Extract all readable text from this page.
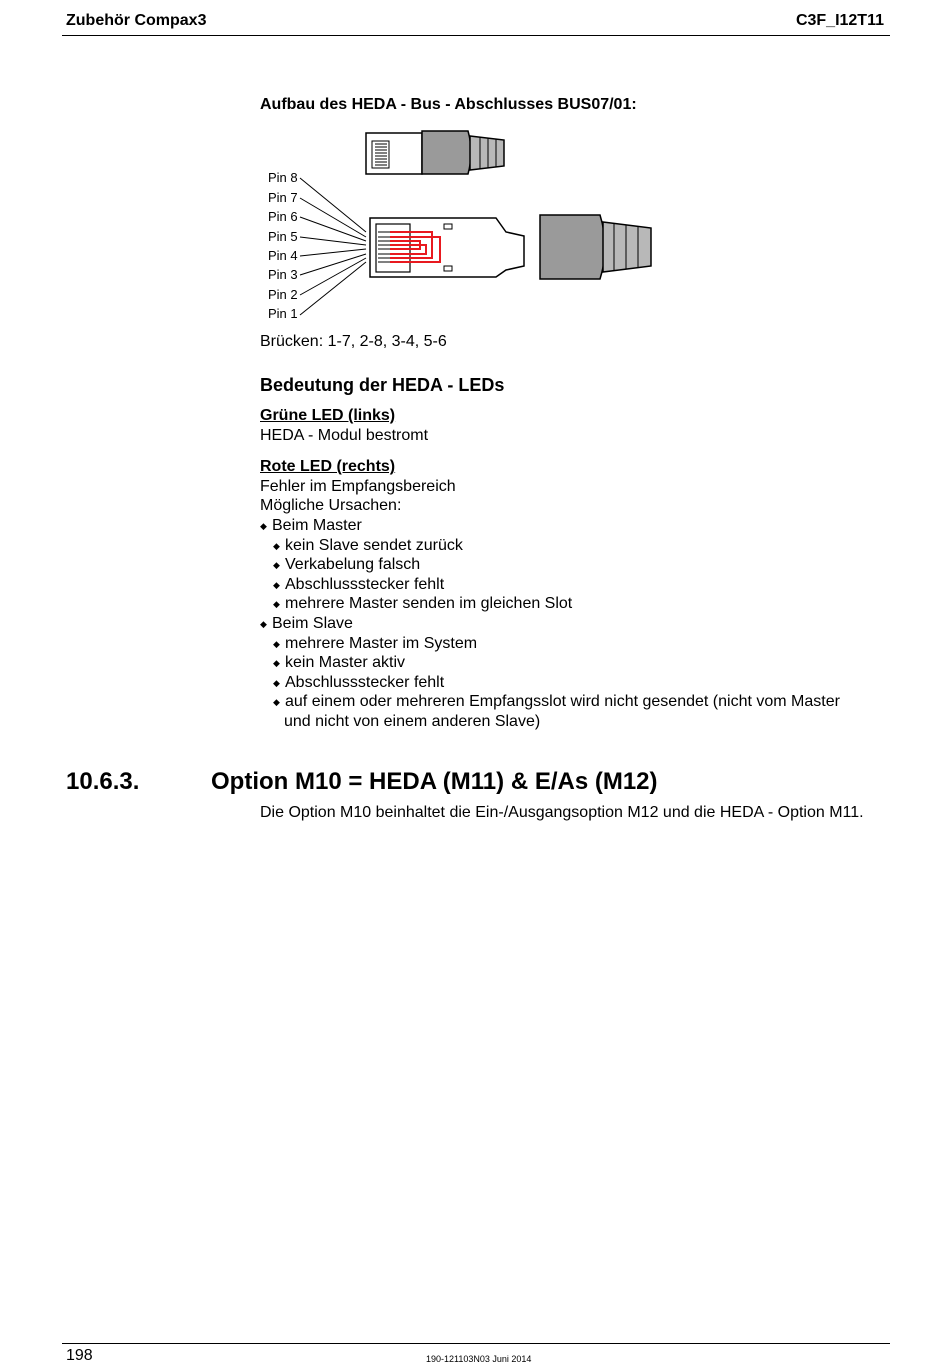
Zubehör Compax3	C3F_I12T11
Aufbau des HEDA - Bus - Abschlusses BUS07/01:
Pin 8
Pin 7
Pin 6
Pin 5
Pin 4
Pin 3
Pin 2
Pin 1
Brücken: 1-7, 2-8, 3-4, 5-6
Bedeutung der HEDA - LEDs
Grüne LED (links)
HEDA - Modul bestromt
Rote LED (rechts)
Fehler im Empfangsbereich
Mögliche Ursachen:
◆ Beim Master
◆ kein Slave sendet zurück
◆ Verkabelung falsch
◆ Abschlussstecker fehlt
◆ mehrere Master senden im gleichen Slot
◆ Beim Slave
◆ mehrere Master im System
◆ kein Master aktiv
◆ Abschlussstecker fehlt
◆ auf einem oder mehreren Empfangsslot wird nicht gesendet (nicht vom Master
und nicht von einem anderen Slave)
10.6.3.	Option M10 = HEDA (M11) & E/As (M12)
Die Option M10 beinhaltet die Ein-/Ausgangsoption M12 und die HEDA - Option M11.
198	190-121103N03 Juni 2014
